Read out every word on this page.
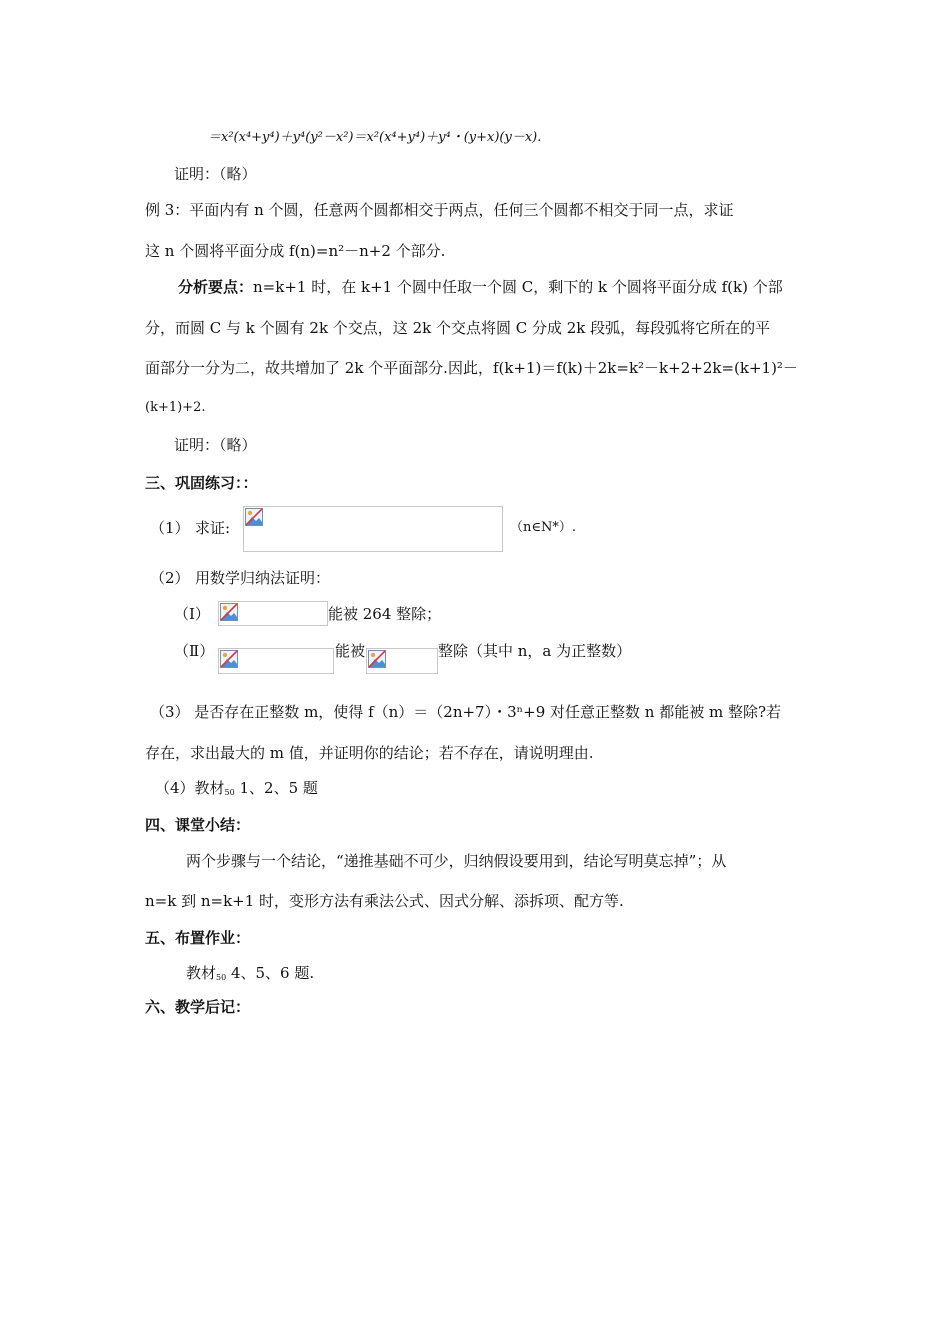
＝x²(x⁴+y⁴)＋y⁴(y²－x²)＝x²(x⁴+y⁴)＋y⁴・(y+x)(y－x).
证明：（略）
例 3：平面内有 n 个圆，任意两个圆都相交于两点，任何三个圆都不相交于同一点，求证
这 n 个圆将平面分成 f(n)=n²－n+2 个部分.
分析要点：n=k+1 时，在 k+1 个圆中任取一个圆 C，剩下的 k 个圆将平面分成 f(k) 个部
分，而圆 C 与 k 个圆有 2k 个交点，这 2k 个交点将圆 C 分成 2k 段弧，每段弧将它所在的平
面部分一分为二，故共增加了 2k 个平面部分.因此，f(k+1)＝f(k)＋2k=k²－k+2+2k=(k+1)²－
(k+1)+2.
证明：（略）
三、巩固练习：：
（1） 求证:	（n∈N*）.
（2） 用数学归纳法证明：
（Ⅰ）	能被 264 整除；
（Ⅱ）	能被	整除（其中 n，a 为正整数）
（3） 是否存在正整数 m，使得 f（n）＝（2n+7）・3ⁿ+9 对任意正整数 n 都能被 m 整除?若
存在，求出最大的 m 值，并证明你的结论；若不存在，请说明理由.
（4）教材$_{50}$ 1、2、5 题
四、课堂小结：
两个步骤与一个结论，“递推基础不可少，归纳假设要用到，结论写明莫忘掉”；从
n=k 到 n=k+1 时，变形方法有乘法公式、因式分解、添拆项、配方等.
五、布置作业：
教材$_{50}$ 4、5、6 题.
六、教学后记：
